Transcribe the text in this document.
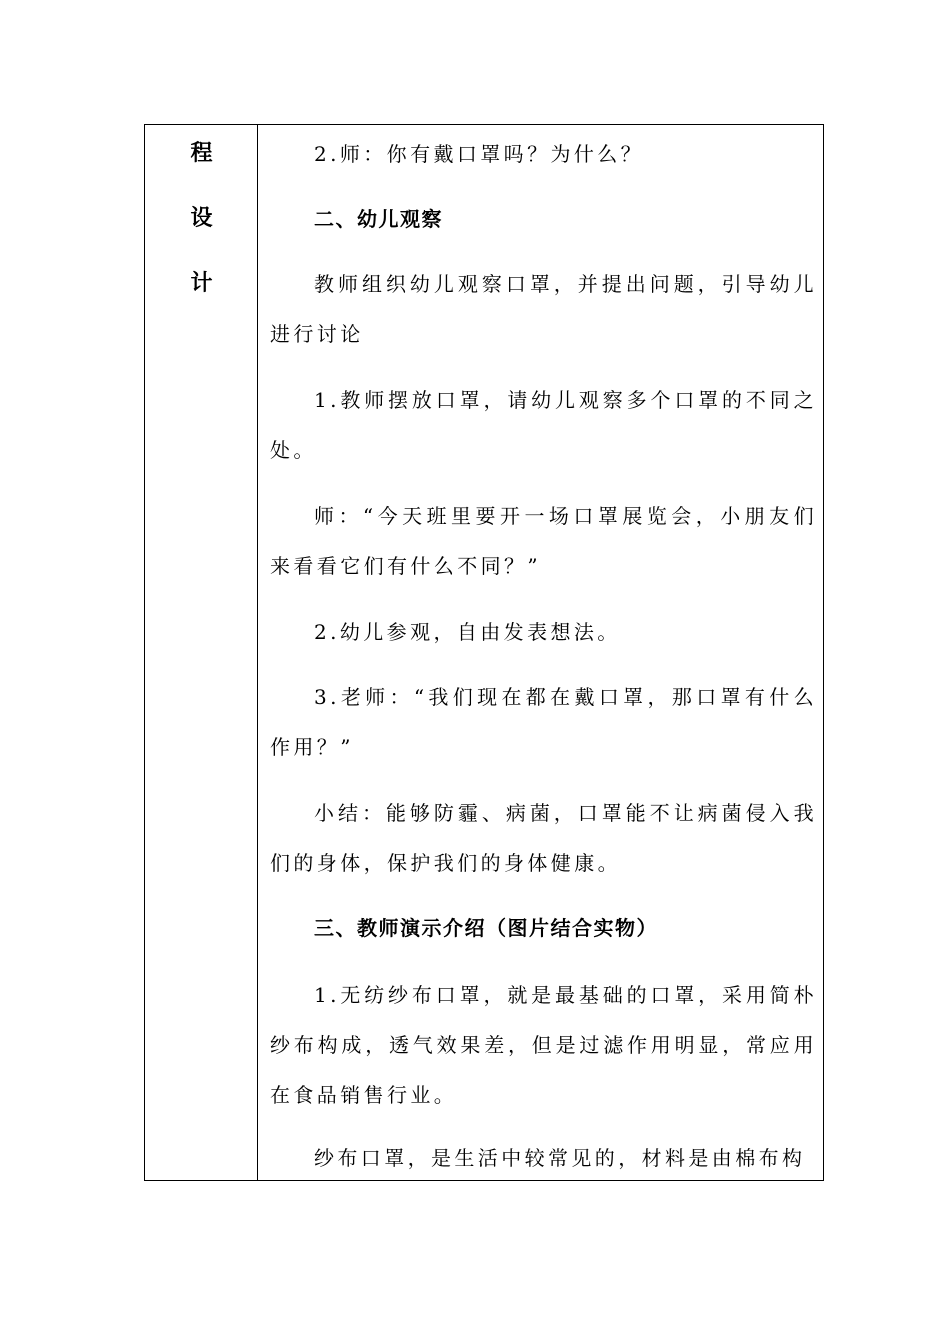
程
设
计

2.师：你有戴口罩吗？为什么？

二、幼儿观察

教师组织幼儿观察口罩，并提出问题，引导幼儿进行讨论

1.教师摆放口罩，请幼儿观察多个口罩的不同之处。

师：“今天班里要开一场口罩展览会，小朋友们来看看它们有什么不同？”

2.幼儿参观，自由发表想法。

3.老师：“我们现在都在戴口罩，那口罩有什么作用？”

小结：能够防霾、病菌，口罩能不让病菌侵入我们的身体，保护我们的身体健康。

三、教师演示介绍（图片结合实物）

1.无纺纱布口罩，就是最基础的口罩，采用简朴纱布构成，透气效果差，但是过滤作用明显，常应用在食品销售行业。

纱布口罩，是生活中较常见的，材料是由棉布构
